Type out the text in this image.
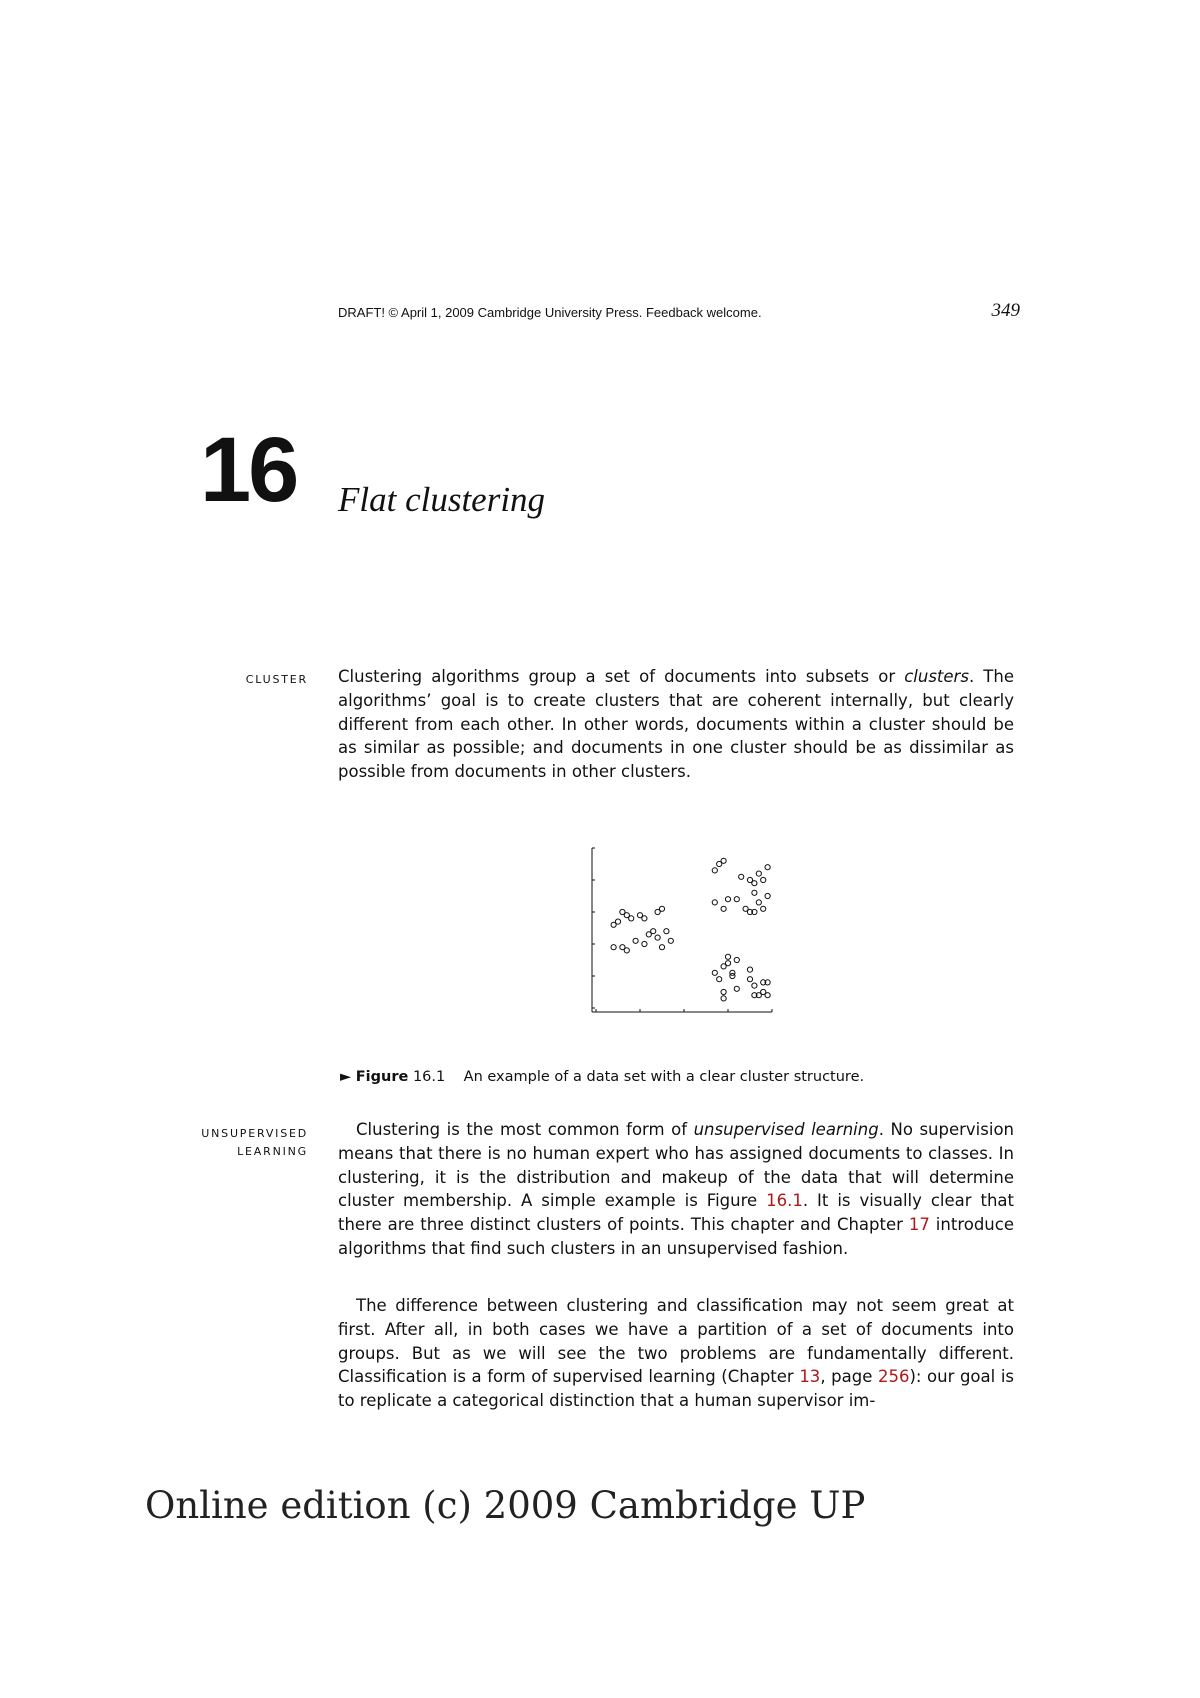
DRAFT! © April 1, 2009 Cambridge University Press. Feedback welcome.	349
16 Flat clustering
CLUSTER Clustering algorithms group a set of documents into subsets or clusters. The algorithms’ goal is to create clusters that are coherent internally, but clearly different from each other. In other words, documents within a cluster should be as similar as possible; and documents in one cluster should be as dissimilar as possible from documents in other clusters.

► Figure 16.1 An example of a data set with a clear cluster structure.
UNSUPERVISED
LEARNING

Clustering is the most common form of unsupervised learning. No supervision means that there is no human expert who has assigned documents to classes. In clustering, it is the distribution and makeup of the data that will determine cluster membership. A simple example is Figure 16.1. It is visually clear that there are three distinct clusters of points. This chapter and Chapter 17 introduce algorithms that find such clusters in an unsupervised fashion.

The difference between clustering and classification may not seem great at first. After all, in both cases we have a partition of a set of documents into groups. But as we will see the two problems are fundamentally different. Classification is a form of supervised learning (Chapter 13, page 256): our goal is to replicate a categorical distinction that a human supervisor im-

Online edition (c) 2009 Cambridge UP
